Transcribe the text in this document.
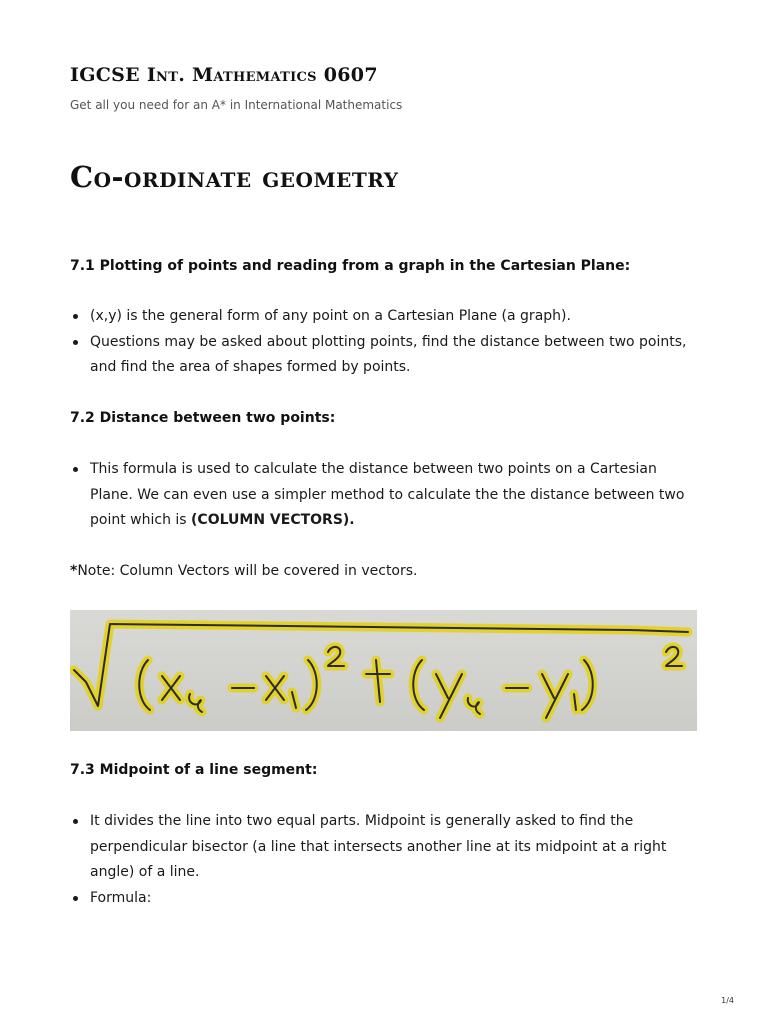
IGCSE Int. Mathematics 0607
Get all you need for an A* in International Mathematics
Co-ordinate geometry
7.1 Plotting of points and reading from a graph in the Cartesian Plane:
(x,y) is the general form of any point on a Cartesian Plane (a graph).
Questions may be asked about plotting points, find the distance between two points, and find the area of shapes formed by points.
7.2 Distance between two points:
This formula is used to calculate the distance between two points on a Cartesian Plane. We can even use a simpler method to calculate the the distance between two point which is (COLUMN VECTORS).
*Note: Column Vectors will be covered in vectors.
7.3 Midpoint of a line segment:
It divides the line into two equal parts. Midpoint is generally asked to find the perpendicular bisector (a line that intersects another line at its midpoint at a right angle) of a line.
Formula:
1/4
